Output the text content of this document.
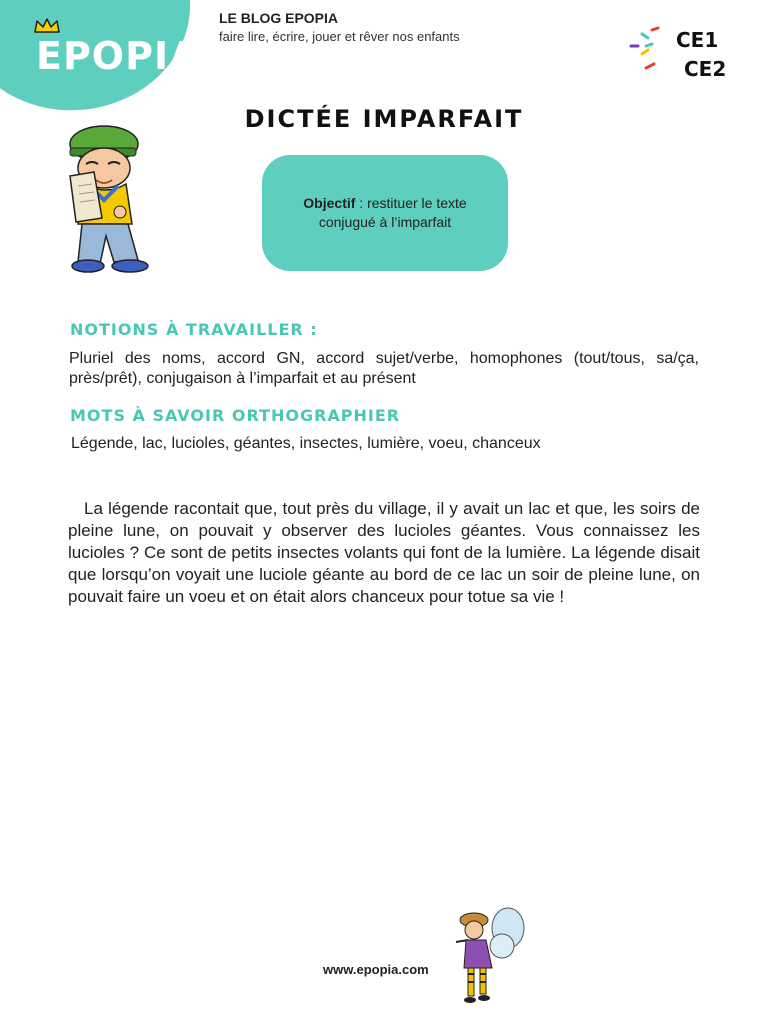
EPOPIA
LE BLOG EPOPIA
faire lire, écrire, jouer et rêver nos enfants	CE1
CE2
DICTÉE IMPARFAIT
Objectif : restituer le texte conjugué à l’imparfait
NOTIONS À TRAVAILLER :
Pluriel des noms, accord GN, accord sujet/verbe, homophones (tout/tous, sa/ça, près/prêt), conjugaison à l’imparfait et au présent
MOTS À SAVOIR ORTHOGRAPHIER
Légende, lac, lucioles, géantes, insectes, lumière, voeu, chanceux
La légende racontait que, tout près du village, il y avait un lac et que, les soirs de pleine lune, on pouvait y observer des lucioles géantes. Vous connaissez les lucioles ? Ce sont de petits insectes volants qui font de la lumière. La légende disait que lorsqu’on voyait une luciole géante au bord de ce lac un soir de pleine lune, on pouvait faire un voeu et on était alors chanceux pour totue sa vie !
www.epopia.com
